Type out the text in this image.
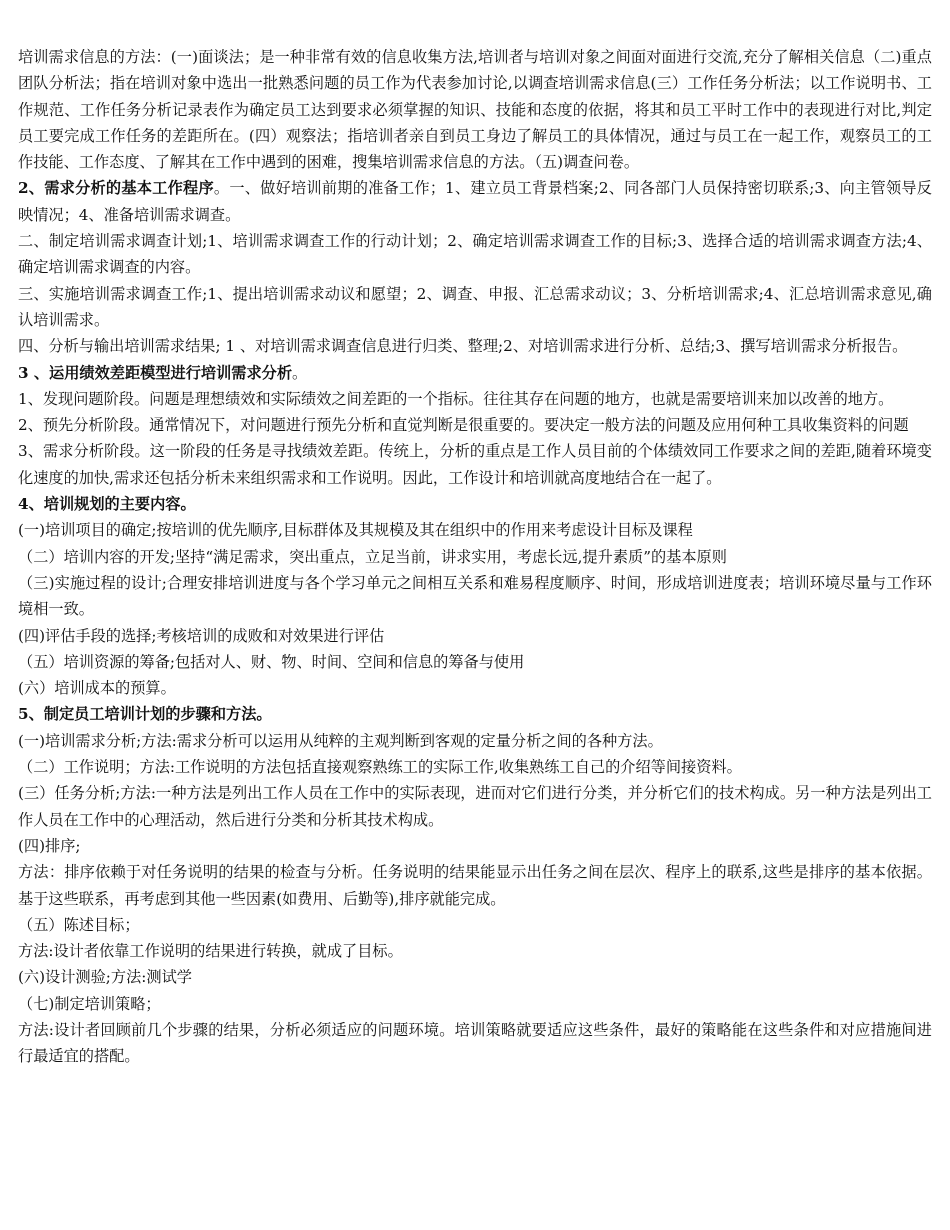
培训需求信息的方法：(一)面谈法；是一种非常有效的信息收集方法,培训者与培训对象之间面对面进行交流,充分了解相关信息（二)重点团队分析法；指在培训对象中选出一批熟悉问题的员工作为代表参加讨论,以调查培训需求信息(三）工作任务分析法；以工作说明书、工作规范、工作任务分析记录表作为确定员工达到要求必须掌握的知识、技能和态度的依据，将其和员工平时工作中的表现进行对比,判定员工要完成工作任务的差距所在。(四）观察法；指培训者亲自到员工身边了解员工的具体情况，通过与员工在一起工作，观察员工的工作技能、工作态度、了解其在工作中遇到的困难，搜集培训需求信息的方法。（五)调查问卷。

2、需求分析的基本工作程序。一、做好培训前期的准备工作；1、建立员工背景档案;2、同各部门人员保持密切联系;3、向主管领导反映情况；4、准备培训需求调查。

二、制定培训需求调查计划;1、培训需求调查工作的行动计划；2、确定培训需求调查工作的目标;3、选择合适的培训需求调查方法;4、确定培训需求调查的内容。

三、实施培训需求调查工作;1、提出培训需求动议和愿望；2、调查、申报、汇总需求动议；3、分析培训需求;4、汇总培训需求意见,确认培训需求。

四、分析与输出培训需求结果; 1 、对培训需求调查信息进行归类、整理;2、对培训需求进行分析、总结;3、撰写培训需求分析报告。

3 、运用绩效差距模型进行培训需求分析。

1、发现问题阶段。问题是理想绩效和实际绩效之间差距的一个指标。往往其存在问题的地方，也就是需要培训来加以改善的地方。

2、预先分析阶段。通常情况下，对问题进行预先分析和直觉判断是很重要的。要决定一般方法的问题及应用何种工具收集资料的问题

3、需求分析阶段。这一阶段的任务是寻找绩效差距。传统上，分析的重点是工作人员目前的个体绩效同工作要求之间的差距,随着环境变化速度的加快,需求还包括分析未来组织需求和工作说明。因此，工作设计和培训就高度地结合在一起了。

4、培训规划的主要内容。

(一)培训项目的确定;按培训的优先顺序,目标群体及其规模及其在组织中的作用来考虑设计目标及课程

（二）培训内容的开发;坚持“满足需求，突出重点，立足当前，讲求实用，考虑长远,提升素质”的基本原则

（三)实施过程的设计;合理安排培训进度与各个学习单元之间相互关系和难易程度顺序、时间，形成培训进度表；培训环境尽量与工作环境相一致。

(四)评估手段的选择;考核培训的成败和对效果进行评估

（五）培训资源的筹备;包括对人、财、物、时间、空间和信息的筹备与使用

(六）培训成本的预算。

5、制定员工培训计划的步骤和方法。

(一)培训需求分析;方法:需求分析可以运用从纯粹的主观判断到客观的定量分析之间的各种方法。

（二）工作说明；方法:工作说明的方法包括直接观察熟练工的实际工作,收集熟练工自己的介绍等间接资料。

(三）任务分析;方法:一种方法是列出工作人员在工作中的实际表现，进而对它们进行分类，并分析它们的技术构成。另一种方法是列出工作人员在工作中的心理活动，然后进行分类和分析其技术构成。

(四)排序;

方法：排序依赖于对任务说明的结果的检查与分析。任务说明的结果能显示出任务之间在层次、程序上的联系,这些是排序的基本依据。基于这些联系，再考虑到其他一些因素(如费用、后勤等),排序就能完成。

（五）陈述目标；

方法:设计者依靠工作说明的结果进行转换，就成了目标。

(六)设计测验;方法:测试学

（七)制定培训策略；

方法:设计者回顾前几个步骤的结果，分析必须适应的问题环境。培训策略就要适应这些条件，最好的策略能在这些条件和对应措施间进行最适宜的搭配。
